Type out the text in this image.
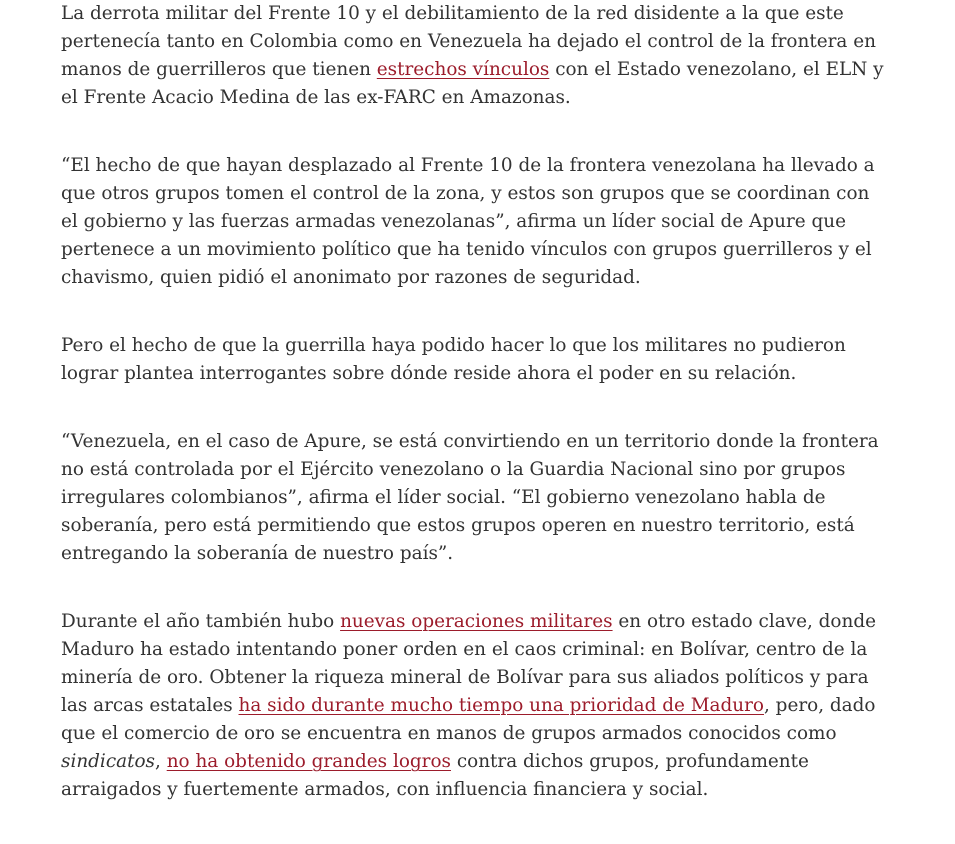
La derrota militar del Frente 10 y el debilitamiento de la red disidente a la que este pertenecía tanto en Colombia como en Venezuela ha dejado el control de la frontera en manos de guerrilleros que tienen estrechos vínculos con el Estado venezolano, el ELN y el Frente Acacio Medina de las ex-FARC en Amazonas.

“El hecho de que hayan desplazado al Frente 10 de la frontera venezolana ha llevado a que otros grupos tomen el control de la zona, y estos son grupos que se coordinan con el gobierno y las fuerzas armadas venezolanas”, afirma un líder social de Apure que pertenece a un movimiento político que ha tenido vínculos con grupos guerrilleros y el chavismo, quien pidió el anonimato por razones de seguridad.

Pero el hecho de que la guerrilla haya podido hacer lo que los militares no pudieron lograr plantea interrogantes sobre dónde reside ahora el poder en su relación.

“Venezuela, en el caso de Apure, se está convirtiendo en un territorio donde la frontera no está controlada por el Ejército venezolano o la Guardia Nacional sino por grupos irregulares colombianos”, afirma el líder social. “El gobierno venezolano habla de soberanía, pero está permitiendo que estos grupos operen en nuestro territorio, está entregando la soberanía de nuestro país”.

Durante el año también hubo nuevas operaciones militares en otro estado clave, donde Maduro ha estado intentando poner orden en el caos criminal: en Bolívar, centro de la minería de oro. Obtener la riqueza mineral de Bolívar para sus aliados políticos y para las arcas estatales ha sido durante mucho tiempo una prioridad de Maduro, pero, dado que el comercio de oro se encuentra en manos de grupos armados conocidos como sindicatos, no ha obtenido grandes logros contra dichos grupos, profundamente arraigados y fuertemente armados, con influencia financiera y social.
